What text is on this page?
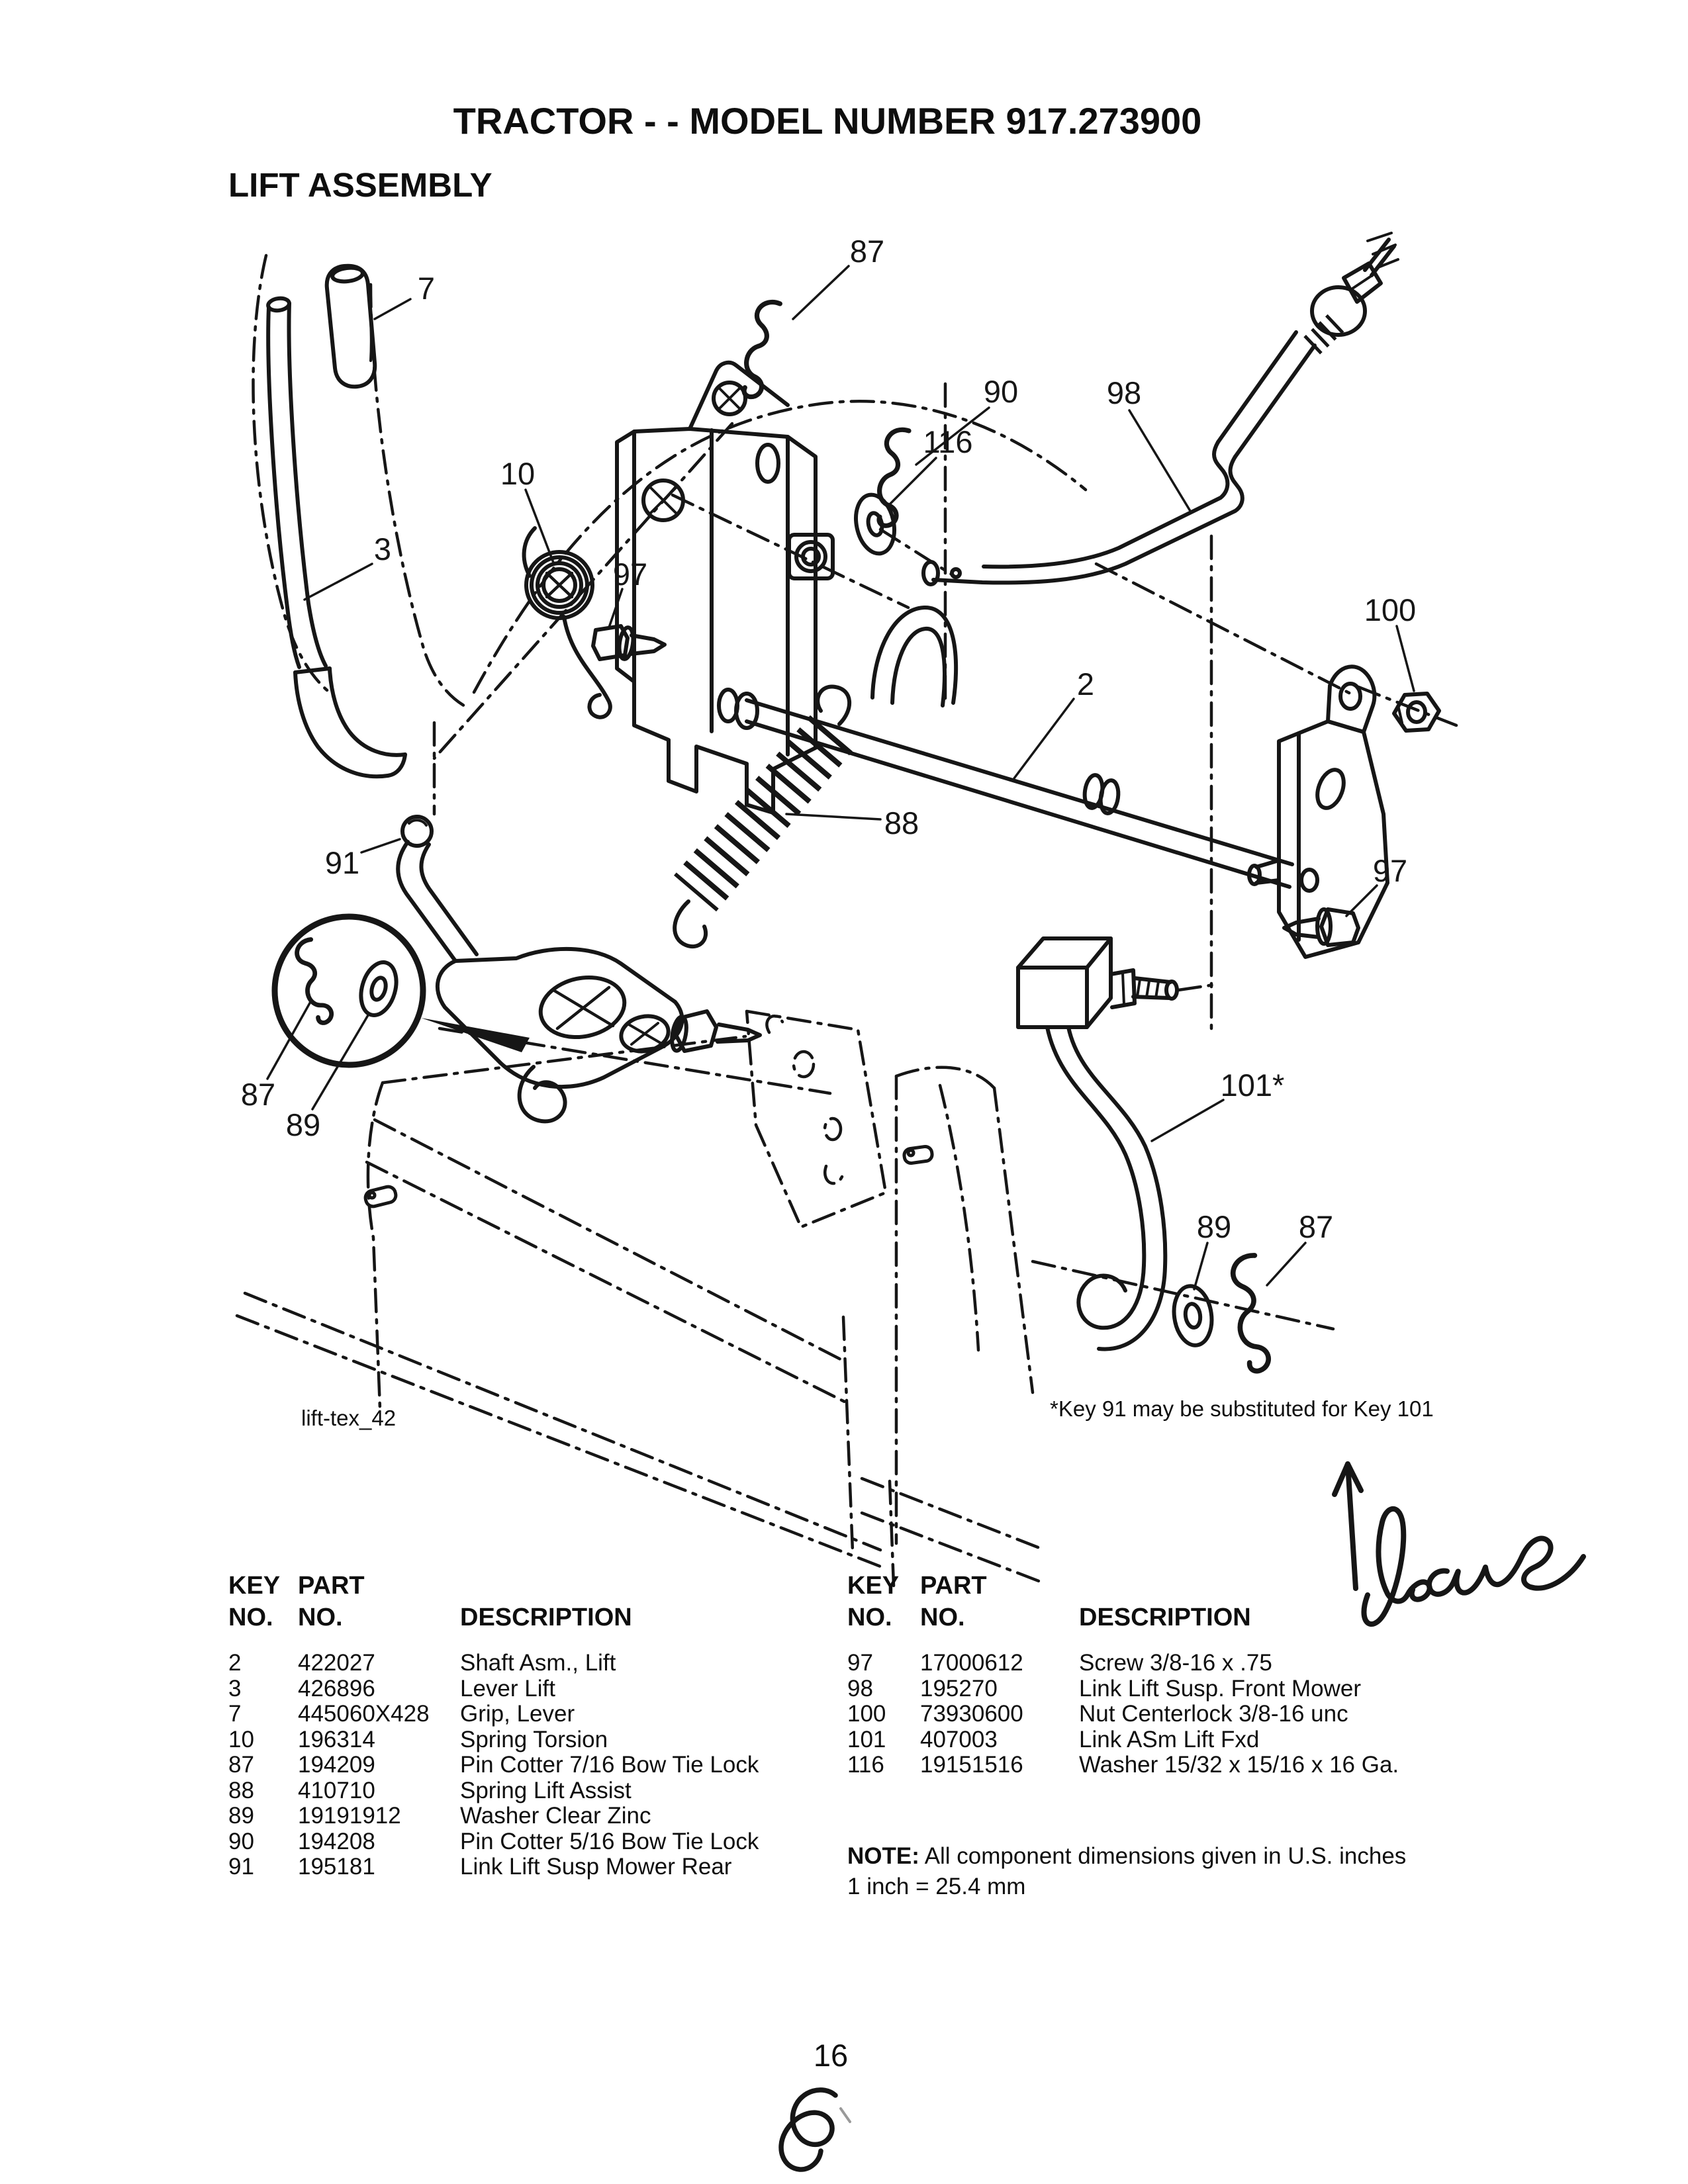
7
87
90	98
116
10
3
97
100
2
88
97
91
87
89
101*
89 87
TRACTOR - - MODEL NUMBER 917.273900
LIFT ASSEMBLY
lift-tex_42	*Key 91 may be substituted for Key 101
KEY
NO.
PART
NO.	DESCRIPTION
2	422027	Shaft Asm., Lift
3	426896	Lever Lift
7	445060X428	Grip, Lever
10	196314	Spring Torsion
87	194209	Pin Cotter 7/16 Bow Tie Lock
88	410710	Spring Lift Assist
89	19191912	Washer Clear Zinc
90	194208	Pin Cotter 5/16 Bow Tie Lock
91	195181	Link Lift Susp Mower Rear
KEY
NO.
PART
NO.	DESCRIPTION
97	17000612	Screw 3/8-16 x .75
98	195270	Link Lift Susp. Front Mower
100	73930600	Nut Centerlock 3/8-16 unc
101	407003	Link ASm Lift Fxd
116	19151516	Washer 15/32 x 15/16 x 16 Ga.
NOTE: All component dimensions given in U.S. inches
1 inch = 25.4 mm
16
